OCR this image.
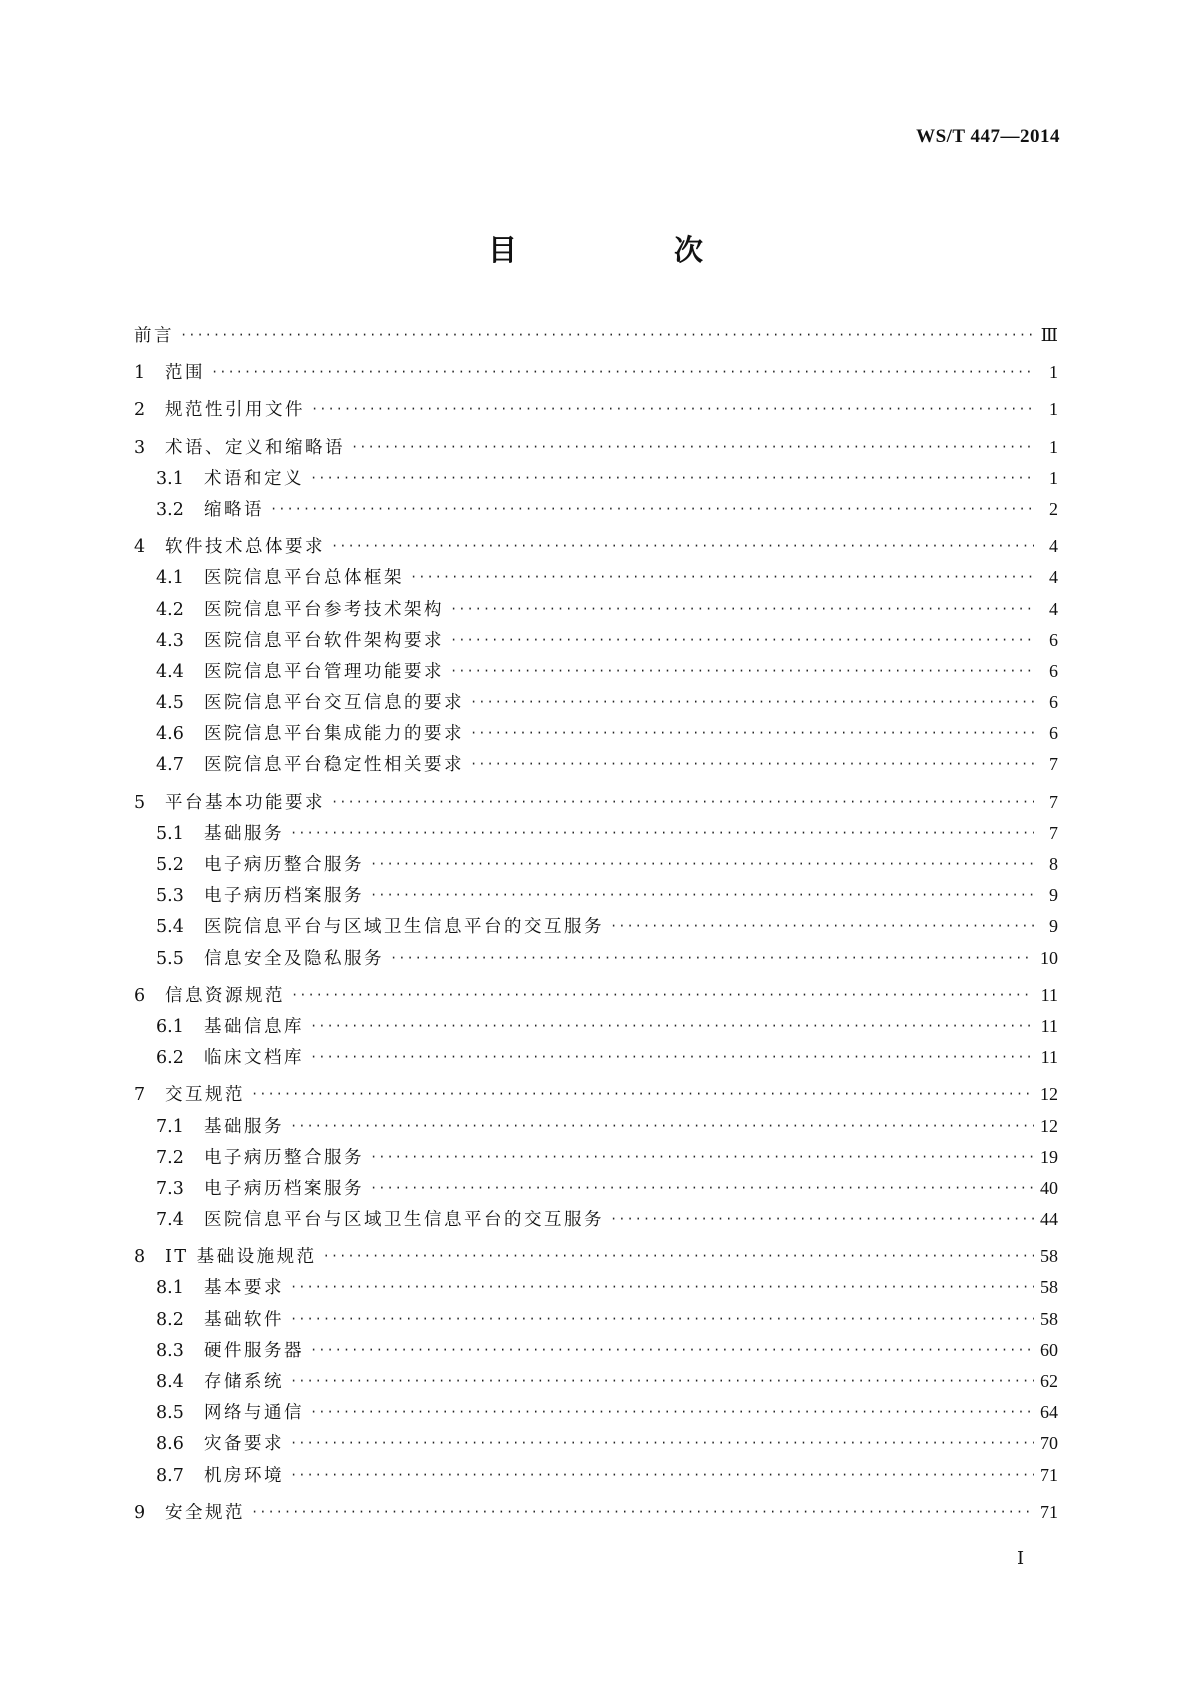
WS/T 447—2014
目　次
前言 ·····	Ⅲ
1	范围 ·····	1
2	规范性引用文件 ·····	1
3	术语、定义和缩略语 ·····	1
3.1	术语和定义 ·····	1
3.2	缩略语 ·····	2
4	软件技术总体要求 ·····	4
4.1	医院信息平台总体框架 ·····	4
4.2	医院信息平台参考技术架构 ·····	4
4.3	医院信息平台软件架构要求 ·····	6
4.4	医院信息平台管理功能要求 ·····	6
4.5	医院信息平台交互信息的要求 ·····	6
4.6	医院信息平台集成能力的要求 ·····	6
4.7	医院信息平台稳定性相关要求 ·····	7
5	平台基本功能要求 ·····	7
5.1	基础服务 ·····	7
5.2	电子病历整合服务 ·····	8
5.3	电子病历档案服务 ·····	9
5.4	医院信息平台与区域卫生信息平台的交互服务 ·····	9
5.5	信息安全及隐私服务 ·····	10
6	信息资源规范 ·····	11
6.1	基础信息库 ·····	11
6.2	临床文档库 ·····	11
7	交互规范 ·····	12
7.1	基础服务 ·····	12
7.2	电子病历整合服务 ·····	19
7.3	电子病历档案服务 ·····	40
7.4	医院信息平台与区域卫生信息平台的交互服务 ·····	44
8	IT 基础设施规范 ·····	58
8.1	基本要求 ·····	58
8.2	基础软件 ·····	58
8.3	硬件服务器 ·····	60
8.4	存储系统 ·····	62
8.5	网络与通信 ·····	64
8.6	灾备要求 ·····	70
8.7	机房环境 ·····	71
9	安全规范 ·····	71
Ⅰ
